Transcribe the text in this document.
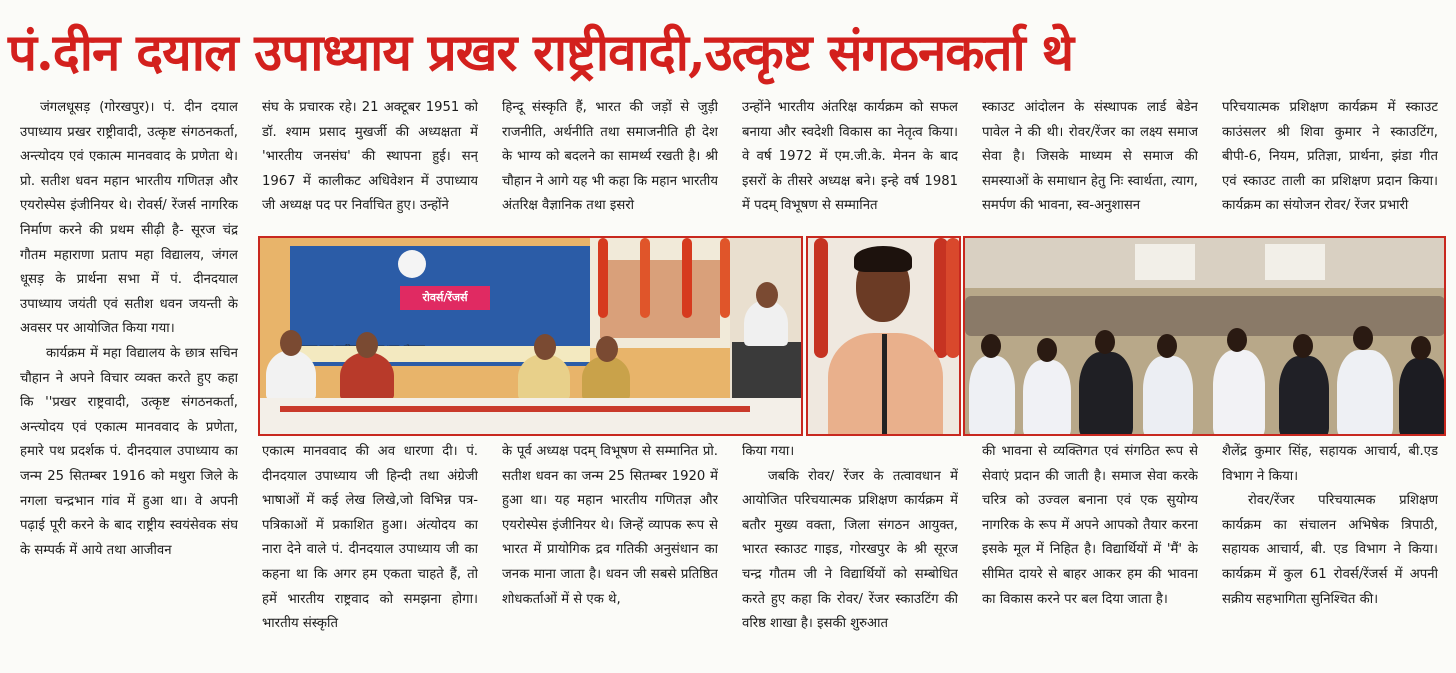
पं.दीन दयाल उपाध्याय प्रखर राष्ट्रीवादी,उत्कृष्ट संगठनकर्ता थे

जंगलधूसड़ (गोरखपुर)। पं. दीन दयाल उपाध्याय प्रखर राष्ट्रीवादी, उत्कृष्ट संगठनकर्ता, अन्त्योदय एवं एकात्म मानववाद के प्रणेता थे। प्रो. सतीश धवन महान भारतीय गणितज्ञ और एयरोस्पेस इंजीनियर थे। रोवर्स/ रेंजर्स नागरिक निर्माण करने की प्रथम सीढ़ी है- सूरज चंद्र गौतम महाराणा प्रताप महा विद्यालय, जंगल धूसड़ के प्रार्थना सभा में पं. दीनदयाल उपाध्याय जयंती एवं सतीश धवन जयन्ती के अवसर पर आयोजित किया गया।

कार्यक्रम में महा विद्यालय के छात्र सचिन चौहान ने अपने विचार व्यक्त करते हुए कहा कि ''प्रखर राष्ट्रवादी, उत्कृष्ट संगठनकर्ता, अन्त्योदय एवं एकात्म मानववाद के प्रणेता, हमारे पथ प्रदर्शक पं. दीनदयाल उपाध्याय का जन्म 25 सितम्बर 1916 को मथुरा जिले के नगला चन्द्रभान गांव में हुआ था। वे अपनी पढ़ाई पूरी करने के बाद राष्ट्रीय स्वयंसेवक संघ के सम्पर्क में आये तथा आजीवन

संघ के प्रचारक रहे। 21 अक्टूबर 1951 को डॉ. श्याम प्रसाद मुखर्जी की अध्यक्षता में 'भारतीय जनसंघ' की स्थापना हुई। सन् 1967 में कालीकट अधिवेशन में उपाध्याय जी अध्यक्ष पद पर निर्वाचित हुए। उन्होंने

एकात्म मानववाद की अव धारणा दी। पं. दीनदयाल उपाध्याय जी हिन्दी तथा अंग्रेजी भाषाओं में कई लेख लिखे,जो विभिन्न पत्र-पत्रिकाओं में प्रकाशित हुआ। अंत्योदय का नारा देने वाले पं. दीनदयाल उपाध्याय जी का कहना था कि अगर हम एकता चाहते हैं, तो हमें भारतीय राष्ट्रवाद को समझना होगा। भारतीय संस्कृति

हिन्दू संस्कृति हैं, भारत की जड़ों से जुड़ी राजनीति, अर्थनीति तथा समाजनीति ही देश के भाग्य को बदलने का सामर्थ्य रखती है। श्री चौहान ने आगे यह भी कहा कि महान भारतीय अंतरिक्ष वैज्ञानिक तथा इसरो

के पूर्व अध्यक्ष पदम् विभूषण से सम्मानित प्रो. सतीश धवन का जन्म 25 सितम्बर 1920 में हुआ था। यह महान भारतीय गणितज्ञ और एयरोस्पेस इंजीनियर थे। जिन्हें व्यापक रूप से भारत में प्रायोगिक द्रव गतिकी अनुसंधान का जनक माना जाता है। धवन जी सबसे प्रतिष्ठित शोधकर्ताओं में से एक थे,

उन्होंने भारतीय अंतरिक्ष कार्यक्रम को सफल बनाया और स्वदेशी विकास का नेतृत्व किया। वे वर्ष 1972 में एम.जी.के. मेनन के बाद इसरों के तीसरे अध्यक्ष बने। इन्हे वर्ष 1981 में पदम् विभूषण से सम्मानित

किया गया।

जबकि रोवर/ रेंजर के तत्वावधान में आयोजित परिचयात्मक प्रशिक्षण कार्यक्रम में बतौर मुख्य वक्ता, जिला संगठन आयुक्त, भारत स्काउट गाइड, गोरखपुर के श्री सूरज चन्द्र गौतम जी ने विद्यार्थियों को सम्बोधित करते हुए कहा कि रोवर/ रेंजर स्काउटिंग की वरिष्ठ शाखा है। इसकी शुरुआत

स्काउट आंदोलन के संस्थापक लार्ड बेडेन पावेल ने की थी। रोवर/रेंजर का लक्ष्य समाज सेवा है। जिसके माध्यम से समाज की समस्याओं के समाधान हेतु निः स्वार्थता, त्याग, समर्पण की भावना, स्व-अनुशासन

की भावना से व्यक्तिगत एवं संगठित रूप से सेवाएं प्रदान की जाती है। समाज सेवा करके चरित्र को उज्वल बनाना एवं एक सुयोग्य नागरिक के रूप में अपने आपको तैयार करना इसके मूल में निहित है। विद्यार्थियों में 'मैं' के सीमित दायरे से बाहर आकर हम की भावना का विकास करने पर बल दिया जाता है।

परिचयात्मक प्रशिक्षण कार्यक्रम में स्काउट काउंसलर श्री शिवा कुमार ने स्काउटिंग, बीपी-6, नियम, प्रतिज्ञा, प्रार्थना, झंडा गीत एवं स्काउट ताली का प्रशिक्षण प्रदान किया। कार्यक्रम का संयोजन रोवर/ रेंजर प्रभारी

शैलेंद्र कुमार सिंह, सहायक आचार्य, बी.एड विभाग ने किया।

रोवर/रेंजर परिचयात्मक प्रशिक्षण कार्यक्रम का संचालन अभिषेक त्रिपाठी, सहायक आचार्य, बी. एड विभाग ने किया। कार्यक्रम में कुल 61 रोवर्स/रेंजर्स में अपनी सक्रीय सहभागिता सुनिश्चित की।

रोवर्स/रेंजर्स
